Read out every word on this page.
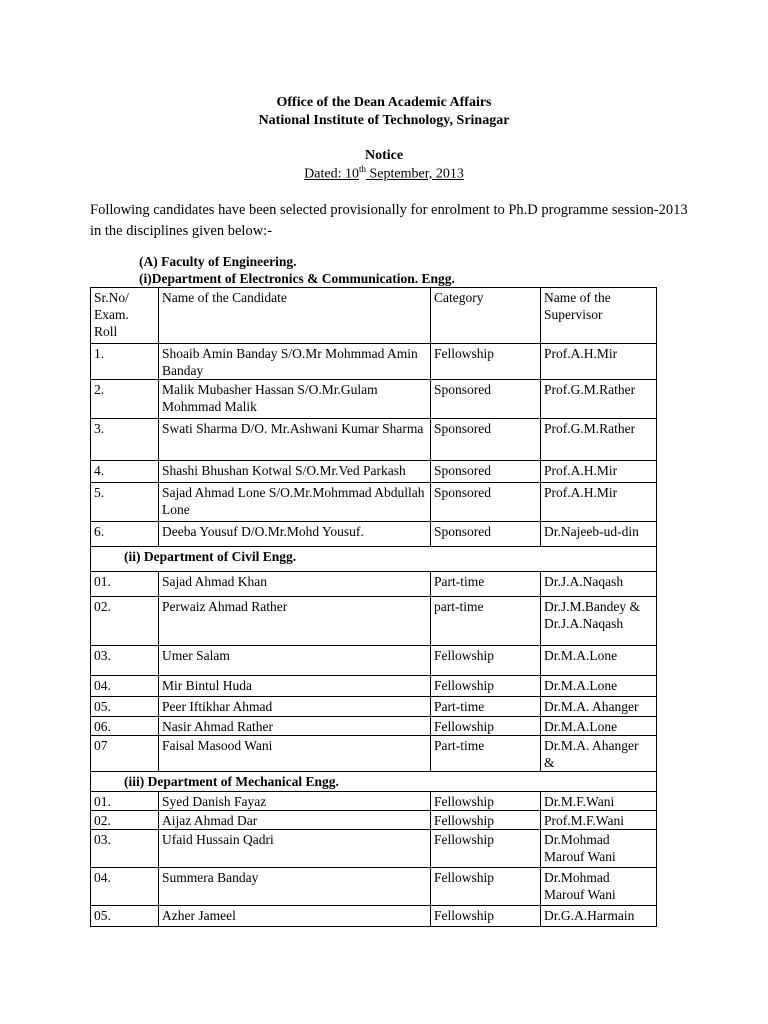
Office of the Dean Academic Affairs
National Institute of Technology, Srinagar
Notice
Dated: 10th September, 2013
Following candidates have been selected provisionally for enrolment to Ph.D programme session-2013 in the disciplines given below:-
(A) Faculty of Engineering.
(i)Department of Electronics & Communication. Engg.
Sr.No/ Exam. Roll	Name of the Candidate	Category	Name of the Supervisor
1.	Shoaib Amin Banday S/O.Mr Mohmmad Amin Banday	Fellowship	Prof.A.H.Mir
2.	Malik Mubasher Hassan S/O.Mr.Gulam Mohmmad Malik	Sponsored	Prof.G.M.Rather
3.	Swati Sharma D/O. Mr.Ashwani Kumar Sharma	Sponsored	Prof.G.M.Rather
4.	Shashi Bhushan Kotwal S/O.Mr.Ved Parkash	Sponsored	Prof.A.H.Mir
5.	Sajad Ahmad Lone S/O.Mr.Mohmmad Abdullah Lone	Sponsored	Prof.A.H.Mir
6.	Deeba Yousuf D/O.Mr.Mohd Yousuf.	Sponsored	Dr.Najeeb-ud-din
(ii) Department of Civil Engg.			
01.	Sajad Ahmad Khan	Part-time	Dr.J.A.Naqash
02.	Perwaiz Ahmad Rather	part-time	Dr.J.M.Bandey & Dr.J.A.Naqash
03.	Umer Salam	Fellowship	Dr.M.A.Lone
04.	Mir Bintul Huda	Fellowship	Dr.M.A.Lone
05.	Peer Iftikhar Ahmad	Part-time	Dr.M.A. Ahanger
06.	Nasir Ahmad Rather	Fellowship	Dr.M.A.Lone
07	Faisal Masood Wani	Part-time	Dr.M.A. Ahanger &
(iii) Department of Mechanical Engg.			
01.	Syed Danish Fayaz	Fellowship	Dr.M.F.Wani
02.	Aijaz Ahmad Dar	Fellowship	Prof.M.F.Wani
03.	Ufaid Hussain Qadri	Fellowship	Dr.Mohmad Marouf Wani
04.	Summera Banday	Fellowship	Dr.Mohmad Marouf Wani
05.	Azher Jameel	Fellowship	Dr.G.A.Harmain
